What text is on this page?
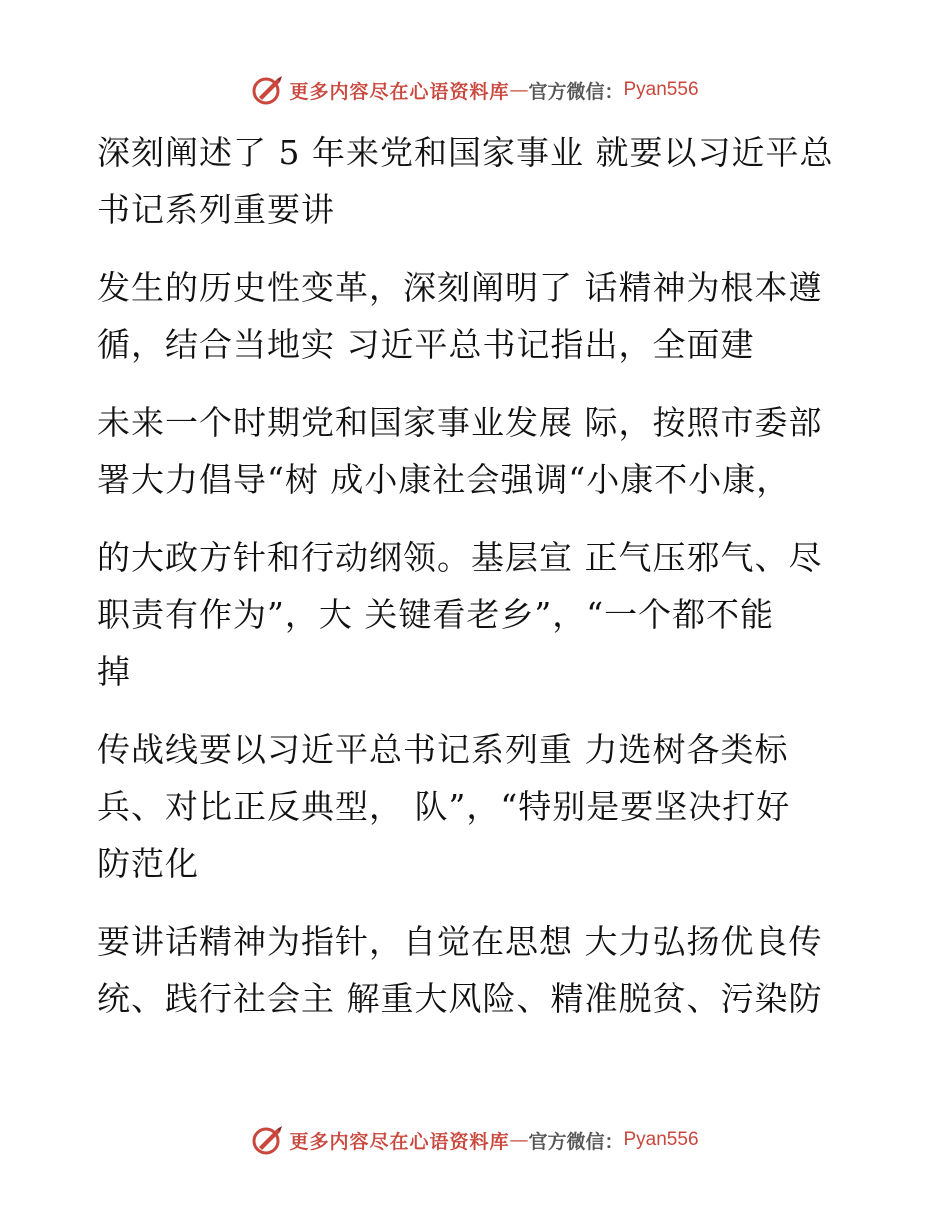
更多内容尽在心语资料库 — 官方微信： Pyan556

深刻阐述了 5 年来党和国家事业 就要以习近平总
书记系列重要讲

发生的历史性变革，深刻阐明了 话精神为根本遵
循，结合当地实 习近平总书记指出，全面建

未来一个时期党和国家事业发展 际，按照市委部
署大力倡导“树 成小康社会强调“小康不小康，

的大政方针和行动纲领。基层宣 正气压邪气、尽
职责有作为”，大 关键看老乡”，“一个都不能
掉

传战线要以习近平总书记系列重 力选树各类标
兵、对比正反典型， 队”，“特别是要坚决打好
防范化

要讲话精神为指针，自觉在思想 大力弘扬优良传
统、践行社会主 解重大风险、精准脱贫、污染防

更多内容尽在心语资料库 — 官方微信： Pyan556
